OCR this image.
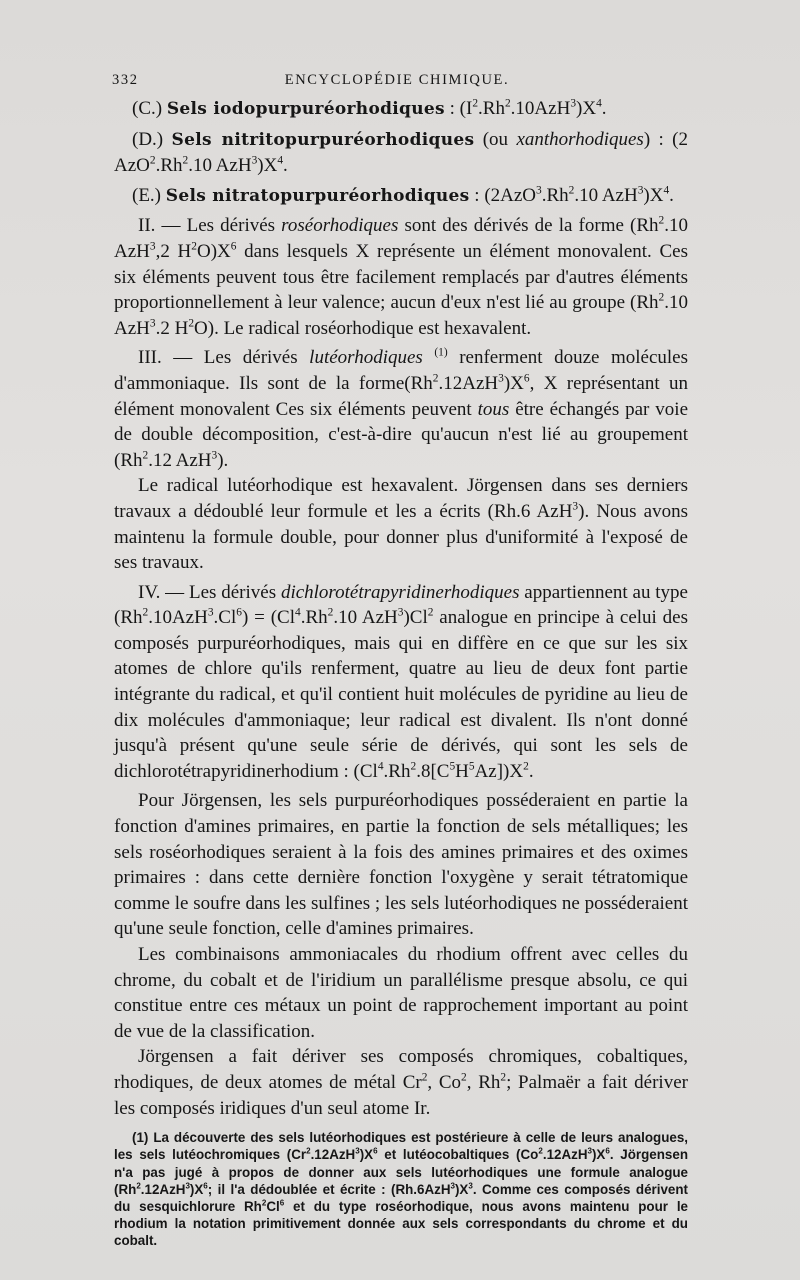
332	ENCYCLOPÉDIE CHIMIQUE.

(C.) Sels iodopurpuréorhodiques : $(I^2.Rh^2.10AzH^3)X^4$.

(D.) Sels nitritopurpuréorhodiques (ou xanthorhodiques) : (2 AzO$^2$.Rh$^2$.10 $AzH^3)X^4$.

(E.) Sels nitratopurpuréorhodiques : (2AzO$^3$.Rh$^2$.10 $AzH^3)X^4$.

II. — Les dérivés roséorhodiques sont des dérivés de la forme (Rh$^2$.10 AzH$^3$,2 $H^2O)X^6$ dans lesquels X représente un élément monovalent. Ces six éléments peuvent tous être facilement remplacés par d'autres éléments proportionnellement à leur valence; aucun d'eux n'est lié au groupe (Rh$^2$.10 AzH$^3$.2 $H^2O$). Le radical roséorhodique est hexavalent.

III. — Les dérivés lutéorhodiques $^{(1)}$ renferment douze molécules d'ammoniaque. Ils sont de la $forme(Rh^2.12AzH^3)X^6$, X représentant un élément monovalent Ces six éléments peuvent tous être échangés par voie de double décomposition, c'est-à-dire qu'aucun n'est lié au groupement (Rh$^2$.12 AzH$^3$).

Le radical lutéorhodique est hexavalent. Jörgensen dans ses derniers travaux a dédoublé leur formule et les a écrits (Rh.6 AzH$^3$). Nous avons maintenu la formule double, pour donner plus d'uniformité à l'exposé de ses travaux.

IV. — Les dérivés dichlorotétrapyridinerhodiques appartiennent au type $(Rh^2.10AzH^3.Cl^6) = (Cl^4.Rh^2.10$ AzH$^3$)Cl$^2$ analogue en principe à celui des composés purpuréorhodiques, mais qui en diffère en ce que sur les six atomes de chlore qu'ils renferment, quatre au lieu de deux font partie intégrante du radical, et qu'il contient huit molécules de pyridine au lieu de dix molécules d'ammoniaque; leur radical est divalent. Ils n'ont donné jusqu'à présent qu'une seule série de dérivés, qui sont les sels de dichlorotétrapyridinerhodium : $(Cl^4.Rh^2.8[C^5H^5Az])X^2$.

Pour Jörgensen, les sels purpuréorhodiques posséderaient en partie la fonction d'amines primaires, en partie la fonction de sels métalliques; les sels roséorhodiques seraient à la fois des amines primaires et des oximes primaires : dans cette dernière fonction l'oxygène y serait tétratomique comme le soufre dans les sulfines ; les sels lutéorhodiques ne posséderaient qu'une seule fonction, celle d'amines primaires.

Les combinaisons ammoniacales du rhodium offrent avec celles du chrome, du cobalt et de l'iridium un parallélisme presque absolu, ce qui constitue entre ces métaux un point de rapprochement important au point de vue de la classification.

Jörgensen a fait dériver ses composés chromiques, cobaltiques, rhodiques, de deux atomes de métal Cr$^2$, Co$^2$, Rh$^2$; Palmaër a fait dériver les composés iridiques d'un seul atome Ir.

(1) La découverte des sels lutéorhodiques est postérieure à celle de leurs analogues, les sels lutéochromiques $(Cr^2.12AzH^3)X^6$ et lutéocobaltiques $(Co^2.12AzH^3)X^6$. Jörgensen n'a pas jugé à propos de donner aux sels lutéorhodiques une formule analogue $(Rh^2.12AzH^3)X^6$; il l'a dédoublée et écrite : $(Rh.6AzH^3)X^3$. Comme ces composés dérivent du sesquichlorure Rh$^2$Cl$^6$ et du type roséorhodique, nous avons maintenu pour le rhodium la notation primitivement donnée aux sels correspondants du chrome et du cobalt.
